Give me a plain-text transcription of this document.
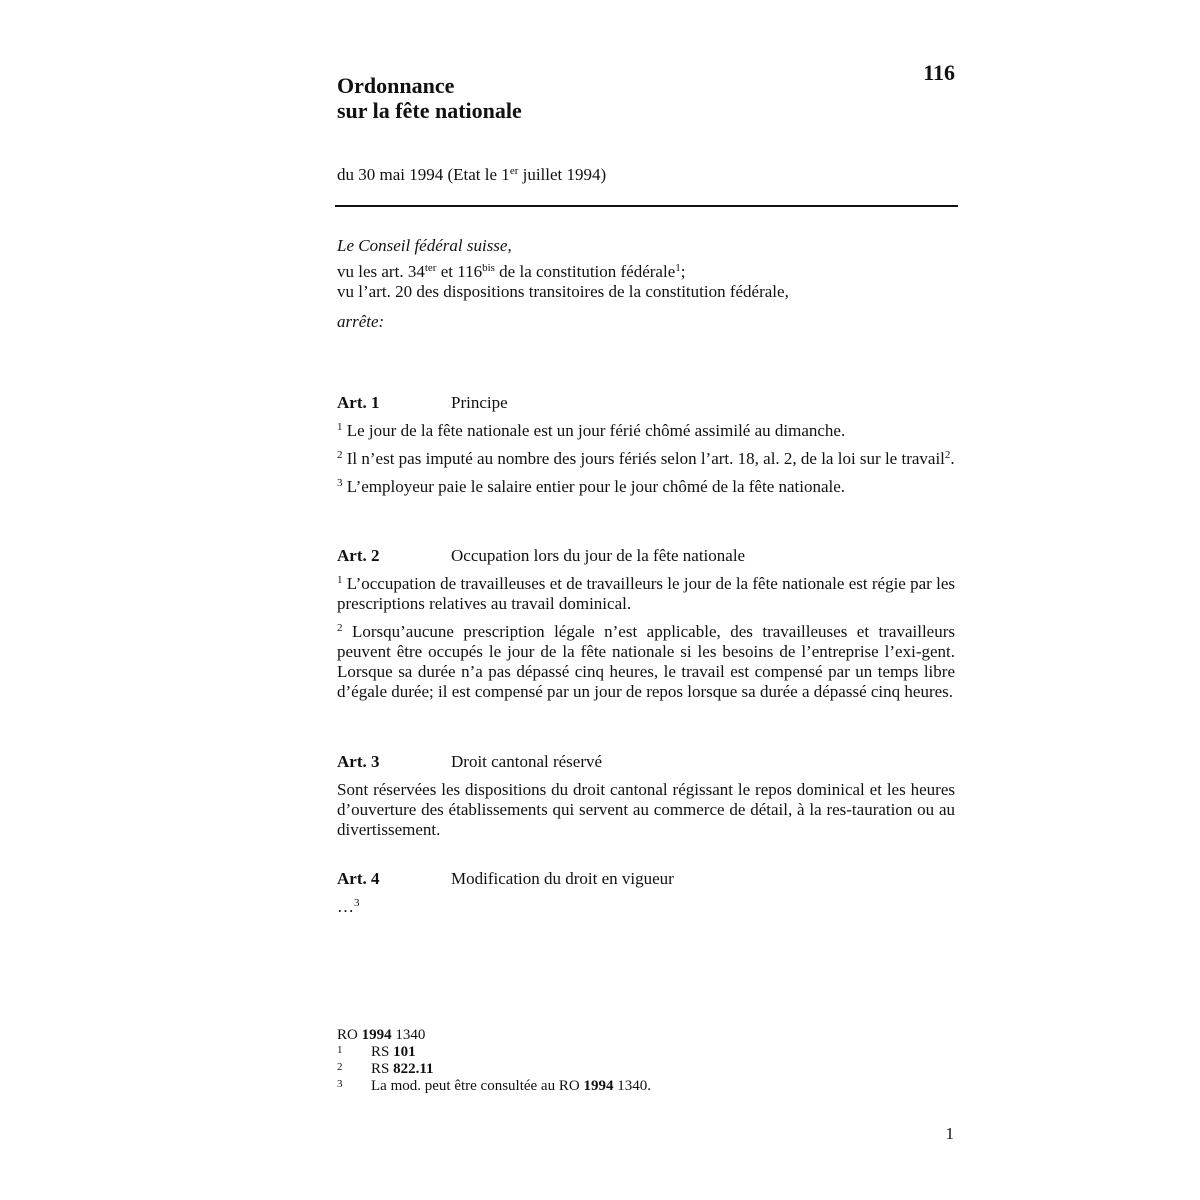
116
Ordonnance
sur la fête nationale
du 30 mai 1994 (Etat le 1er juillet 1994)

Le Conseil fédéral suisse,

vu les art. $34^{ter}$ et $116^{bis}$ de la constitution fédérale$^1$;

vu l’art. 20 des dispositions transitoires de la constitution fédérale,

arrête:

Art. 1	Principe

$^1$ Le jour de la fête nationale est un jour férié chômé assimilé au dimanche.

$^2$ Il n’est pas imputé au nombre des jours fériés selon l’art. 18, al. 2, de la loi sur le travail$^2$.

$^3$ L’employeur paie le salaire entier pour le jour chômé de la fête nationale.

Art. 2	Occupation lors du jour de la fête nationale

$^1$ L’occupation de travailleuses et de travailleurs le jour de la fête nationale est régie par les prescriptions relatives au travail dominical.

$^2$ Lorsqu’aucune prescription légale n’est applicable, des travailleuses et travailleurs peuvent être occupés le jour de la fête nationale si les besoins de l’entreprise l’exi-gent. Lorsque sa durée n’a pas dépassé cinq heures, le travail est compensé par un temps libre d’égale durée; il est compensé par un jour de repos lorsque sa durée a dépassé cinq heures.

Art. 3	Droit cantonal réservé

Sont réservées les dispositions du droit cantonal régissant le repos dominical et les heures d’ouverture des établissements qui servent au commerce de détail, à la res-tauration ou au divertissement.

Art. 4	Modification du droit en vigueur

…$^3$

RO 1994 1340
1	RS 101
2	RS 822.11
3	La mod. peut être consultée au RO 1994 1340.
1
